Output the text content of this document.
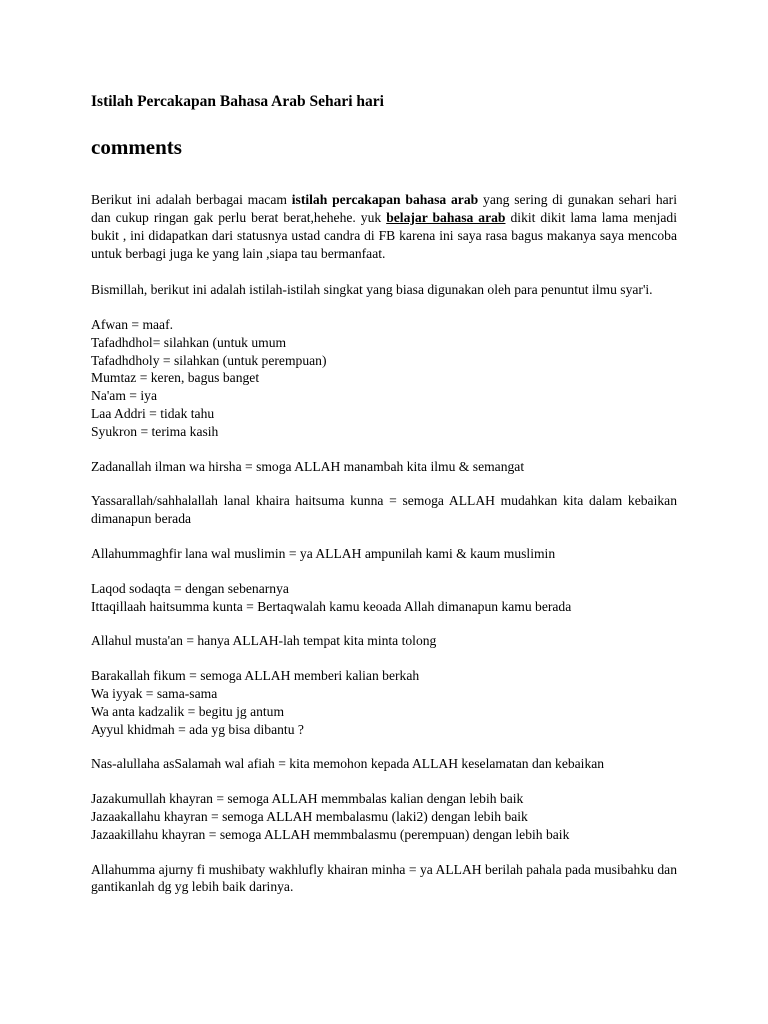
Istilah Percakapan Bahasa Arab Sehari hari
comments

Berikut ini adalah berbagai macam istilah percakapan bahasa arab yang sering di gunakan sehari hari dan cukup ringan gak perlu berat berat,hehehe. yuk belajar bahasa arab dikit dikit lama lama menjadi bukit , ini didapatkan dari statusnya ustad candra di FB karena ini saya rasa bagus makanya saya mencoba untuk berbagi juga ke yang lain ,siapa tau bermanfaat.

Bismillah, berikut ini adalah istilah-istilah singkat yang biasa digunakan oleh para penuntut ilmu syar'i.

Afwan = maaf.
Tafadhdhol= silahkan (untuk umum
Tafadhdholy = silahkan (untuk perempuan)
Mumtaz = keren, bagus banget
Na'am = iya
Laa Addri = tidak tahu
Syukron = terima kasih
Zadanallah ilman wa hirsha = smoga ALLAH manambah kita ilmu & semangat
Yassarallah/sahhalallah lanal khaira haitsuma kunna = semoga ALLAH mudahkan kita dalam kebaikan dimanapun berada
Allahummaghfir lana wal muslimin = ya ALLAH ampunilah kami & kaum muslimin
Laqod sodaqta = dengan sebenarnya
Ittaqillaah haitsumma kunta = Bertaqwalah kamu keoada Allah dimanapun kamu berada
Allahul musta'an = hanya ALLAH-lah tempat kita minta tolong
Barakallah fikum = semoga ALLAH memberi kalian berkah
Wa iyyak = sama-sama
Wa anta kadzalik = begitu jg antum
Ayyul khidmah = ada yg bisa dibantu ?
Nas-alullaha asSalamah wal afiah = kita memohon kepada ALLAH keselamatan dan kebaikan
Jazakumullah khayran = semoga ALLAH memmbalas kalian dengan lebih baik
Jazaakallahu khayran = semoga ALLAH membalasmu (laki2) dengan lebih baik
Jazaakillahu khayran = semoga ALLAH memmbalasmu (perempuan) dengan lebih baik
Allahumma ajurny fi mushibaty wakhlufly khairan minha = ya ALLAH berilah pahala pada musibahku dan gantikanlah dg yg lebih baik darinya.
